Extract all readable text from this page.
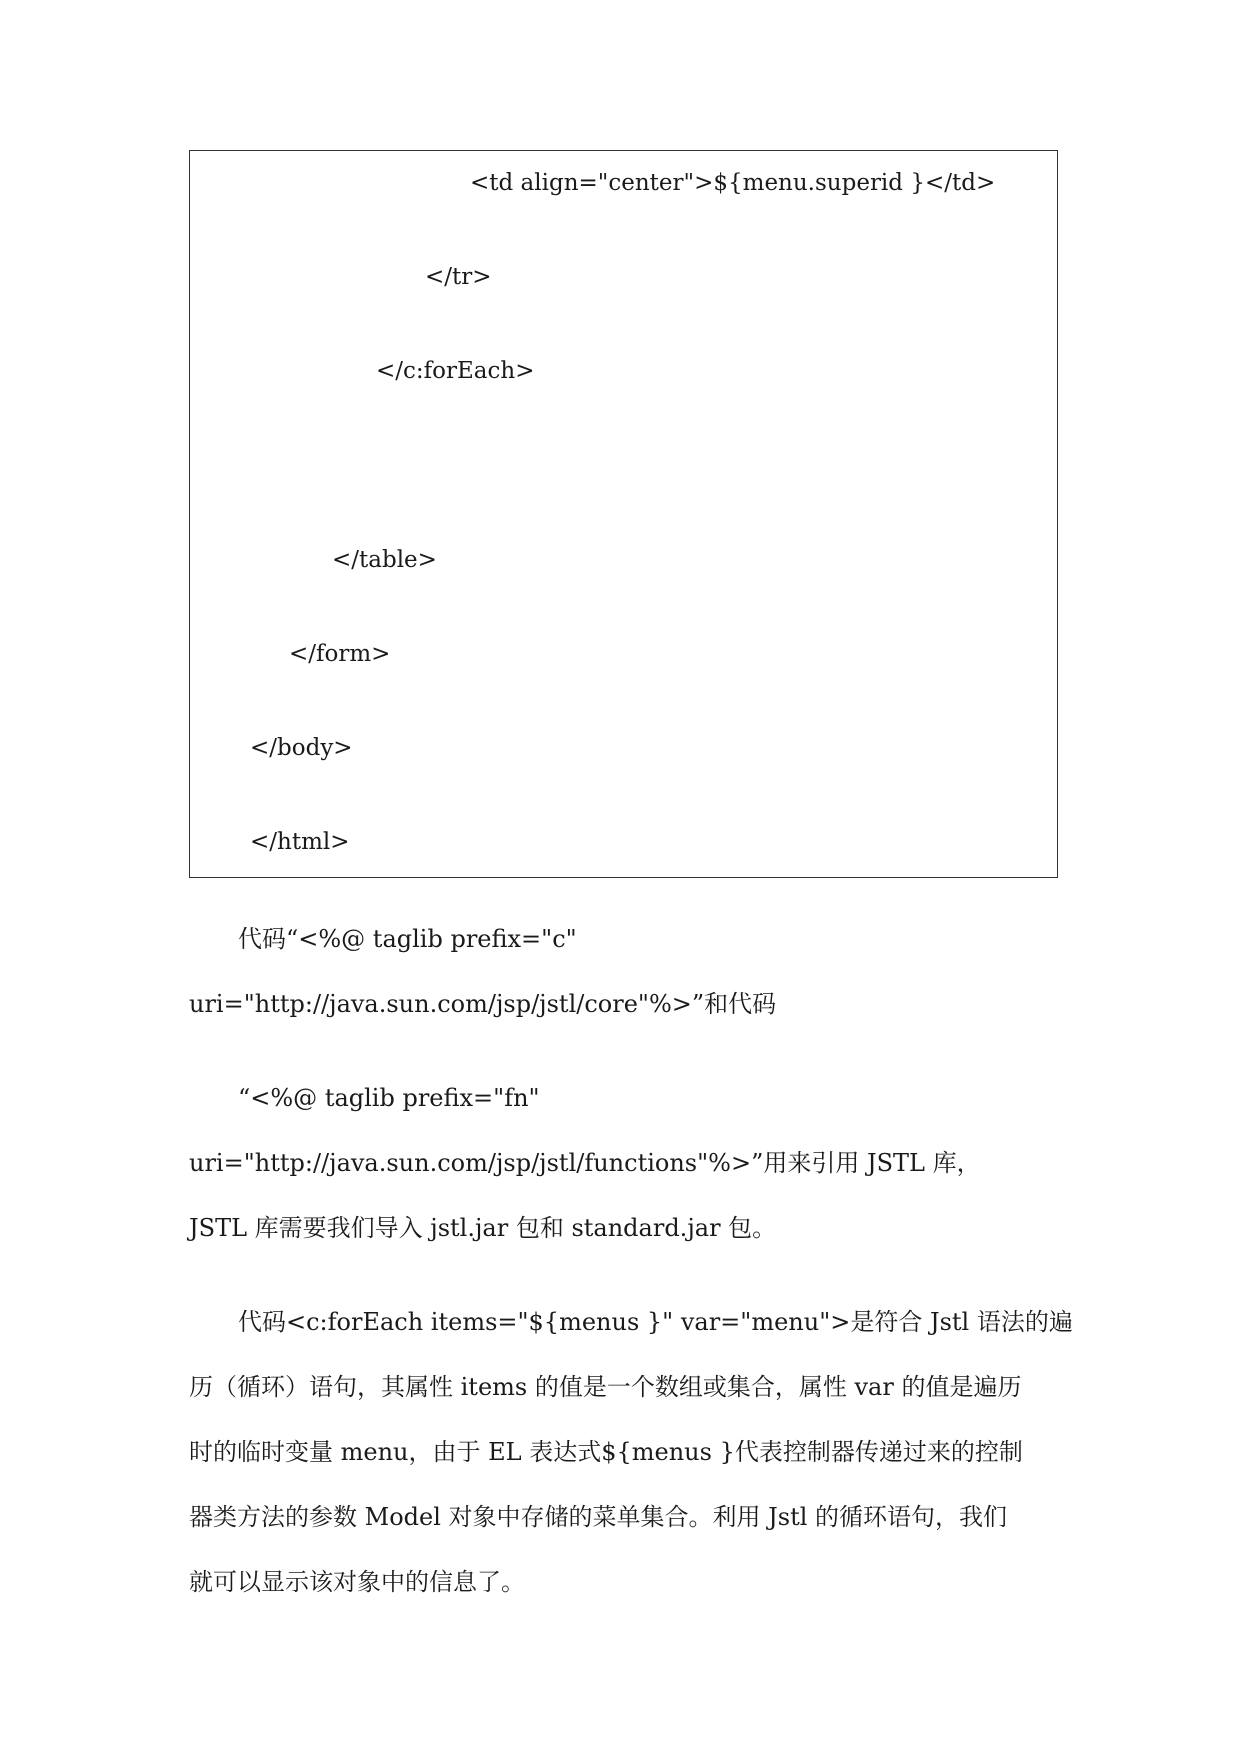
<td align="center">${menu.superid }</td>
</tr>
</c:forEach>
</table>
</form>
</body>
</html>
代码“<%@ taglib prefix="c"
uri="http://java.sun.com/jsp/jstl/core"%>”和代码
“<%@ taglib prefix="fn"
uri="http://java.sun.com/jsp/jstl/functions"%>”用来引用 JSTL 库，
JSTL 库需要我们导入 jstl.jar 包和 standard.jar 包。
代码<c:forEach items="${menus }" var="menu">是符合 Jstl 语法的遍
历（循环）语句，其属性 items 的值是一个数组或集合，属性 var 的值是遍历
时的临时变量 menu，由于 EL 表达式${menus }代表控制器传递过来的控制
器类方法的参数 Model 对象中存储的菜单集合。利用 Jstl 的循环语句，我们
就可以显示该对象中的信息了。
